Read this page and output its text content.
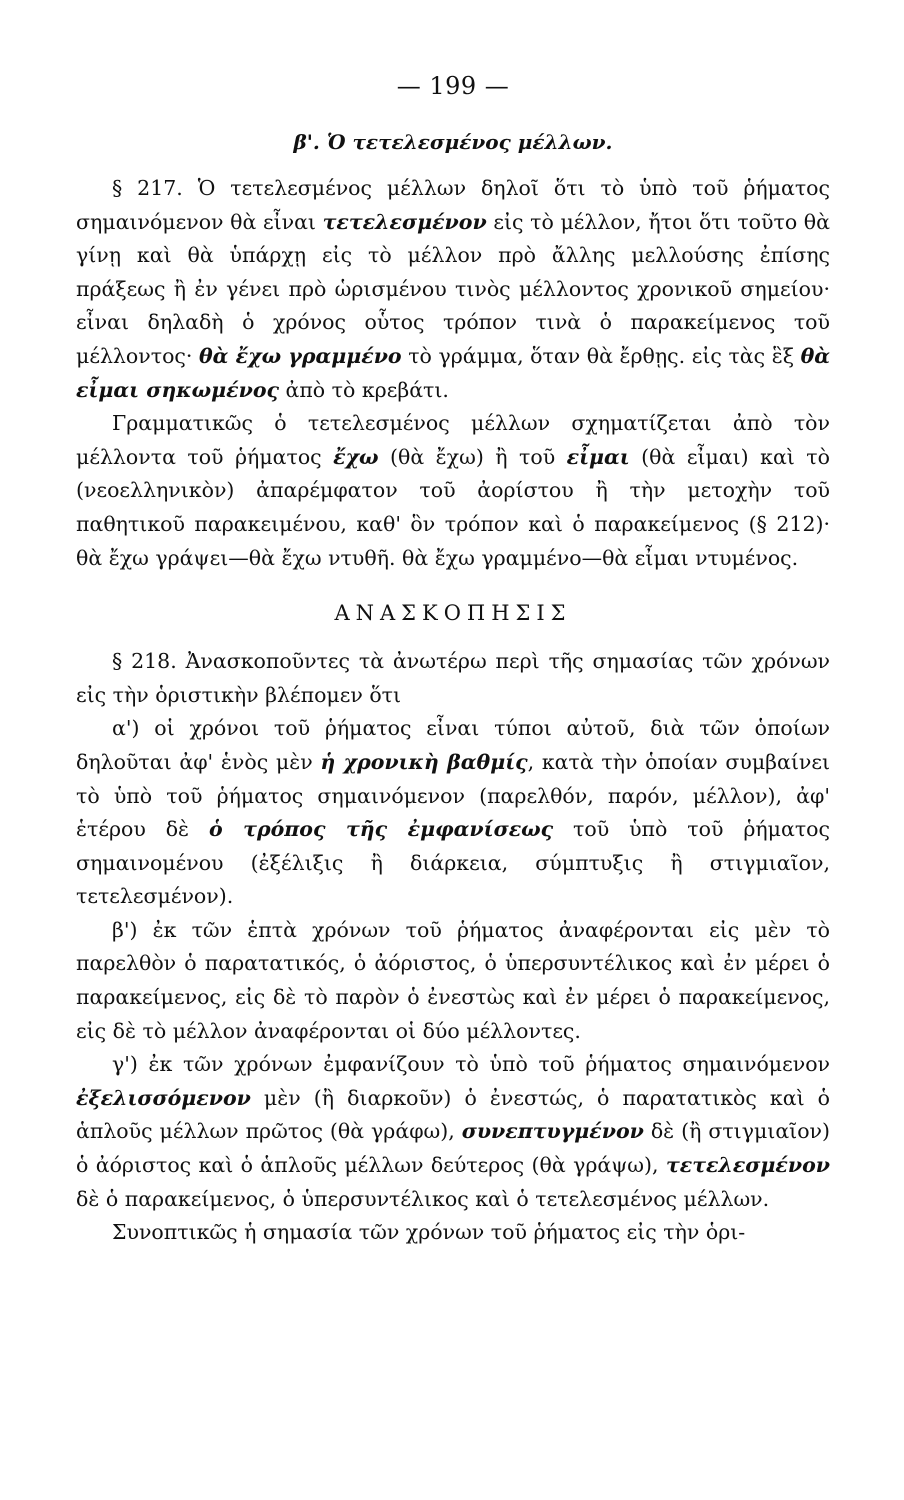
— 199 —
β'. Ὁ τετελεσμένος μέλλων.

§ 217. Ὁ τετελεσμένος μέλλων δηλοῖ ὅτι τὸ ὑπὸ τοῦ ῥήματος σημαινόμενον θὰ εἶναι τετελεσμένον εἰς τὸ μέλλον, ἤτοι ὅτι τοῦτο θὰ γίνῃ καὶ θὰ ὑπάρχῃ εἰς τὸ μέλλον πρὸ ἄλλης μελλούσης ἐπίσης πράξεως ἢ ἐν γένει πρὸ ὡρισμένου τινὸς μέλλοντος χρονικοῦ σημείου· εἶναι δηλαδὴ ὁ χρόνος οὗτος τρόπον τινὰ ὁ παρακείμενος τοῦ μέλλοντος· θὰ ἔχω γραμμένο τὸ γράμμα, ὅταν θὰ ἔρθῃς. εἰς τὰς ἓξ θὰ εἶμαι σηκωμένος ἀπὸ τὸ κρεβάτι.

Γραμματικῶς ὁ τετελεσμένος μέλλων σχηματίζεται ἀπὸ τὸν μέλλοντα τοῦ ῥήματος ἔχω (θὰ ἔχω) ἢ τοῦ εἶμαι (θὰ εἶμαι) καὶ τὸ (νεοελληνικὸν) ἀπαρέμφατον τοῦ ἀορίστου ἢ τὴν μετοχὴν τοῦ παθητικοῦ παρακειμένου, καθ' ὃν τρόπον καὶ ὁ παρακείμενος (§ 212)· θὰ ἔχω γράψει—θὰ ἔχω ντυθῆ. θὰ ἔχω γραμμένο—θὰ εἶμαι ντυμένος.

ΑΝΑΣΚΟΠΗΣΙΣ

§ 218. Ἀνασκοποῦντες τὰ ἀνωτέρω περὶ τῆς σημασίας τῶν χρόνων εἰς τὴν ὁριστικὴν βλέπομεν ὅτι

α') οἱ χρόνοι τοῦ ῥήματος εἶναι τύποι αὐτοῦ, διὰ τῶν ὁποίων δηλοῦται ἀφ' ἑνὸς μὲν ἡ χρονικὴ βαθμίς, κατὰ τὴν ὁποίαν συμβαίνει τὸ ὑπὸ τοῦ ῥήματος σημαινόμενον (παρελθόν, παρόν, μέλλον), ἀφ' ἑτέρου δὲ ὁ τρόπος τῆς ἐμφανίσεως τοῦ ὑπὸ τοῦ ῥήματος σημαινομένου (ἐξέλιξις ἢ διάρκεια, σύμπτυξις ἢ στιγμιαῖον, τετελεσμένον).

β') ἐκ τῶν ἑπτὰ χρόνων τοῦ ῥήματος ἀναφέρονται εἰς μὲν τὸ παρελθὸν ὁ παρατατικός, ὁ ἀόριστος, ὁ ὑπερσυντέλικος καὶ ἐν μέρει ὁ παρακείμενος, εἰς δὲ τὸ παρὸν ὁ ἐνεστὼς καὶ ἐν μέρει ὁ παρακείμενος, εἰς δὲ τὸ μέλλον ἀναφέρονται οἱ δύο μέλλοντες.

γ') ἐκ τῶν χρόνων ἐμφανίζουν τὸ ὑπὸ τοῦ ῥήματος σημαινόμενον ἐξελισσόμενον μὲν (ἢ διαρκοῦν) ὁ ἐνεστώς, ὁ παρατατικὸς καὶ ὁ ἁπλοῦς μέλλων πρῶτος (θὰ γράφω), συνεπτυγμένον δὲ (ἢ στιγμιαῖον) ὁ ἀόριστος καὶ ὁ ἁπλοῦς μέλλων δεύτερος (θὰ γράψω), τετελεσμένον δὲ ὁ παρακείμενος, ὁ ὑπερσυντέλικος καὶ ὁ τετελεσμένος μέλλων.

Συνοπτικῶς ἡ σημασία τῶν χρόνων τοῦ ῥήματος εἰς τὴν ὁρι-
